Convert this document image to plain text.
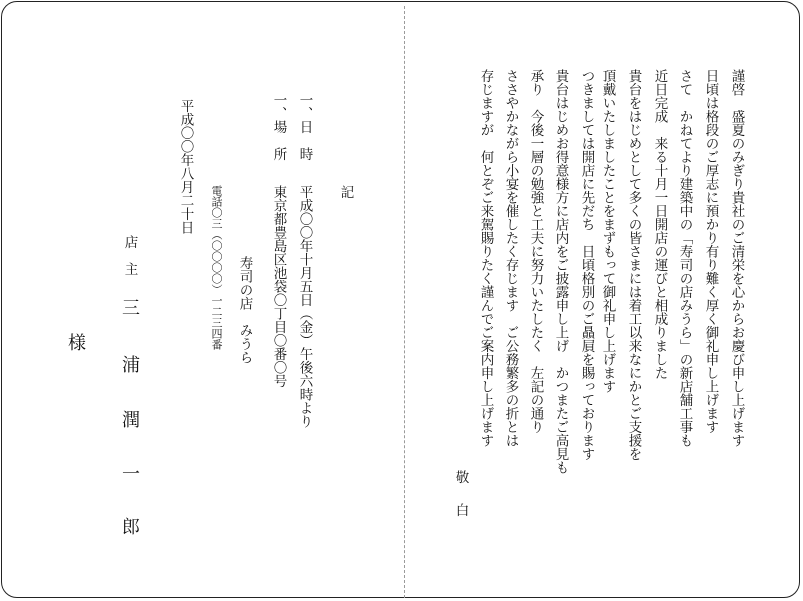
謹啓　盛夏のみぎり貴社のご清栄を心からお慶び申し上げます
日頃は格段のご厚志に預かり有り難く厚く御礼申し上げます
さて　かねてより建築中の「寿司の店みうら」の新店舗工事も
近日完成　来る十月一日開店の運びと相成りました
貴台をはじめとして多くの皆さまには着工以来なにかとご支援を
頂戴いたしましたことをまずもって御礼申し上げます
つきましては開店に先だち　日頃格別のご贔屓を賜っております
貴台はじめお得意様方に店内をご披露申し上げ　かつまたご高見も
承り　今後一層の勉強と工夫に努力いたしたく　左記の通り
ささやかながら小宴を催したく存じます　ご公務繁多の折とは
存じますが　何とぞご来駕賜りたく謹んでご案内申し上げます
敬　白
記
一、日　時
平成〇〇年十月五日（金）午後六時より
一、場　所
東京都豊島区池袋〇丁目〇番〇号
寿司の店　みうら
電話〇三（〇〇〇〇）一二三四番
平成〇〇年八月二十日
店　主
三
浦
潤
一
郎
様
